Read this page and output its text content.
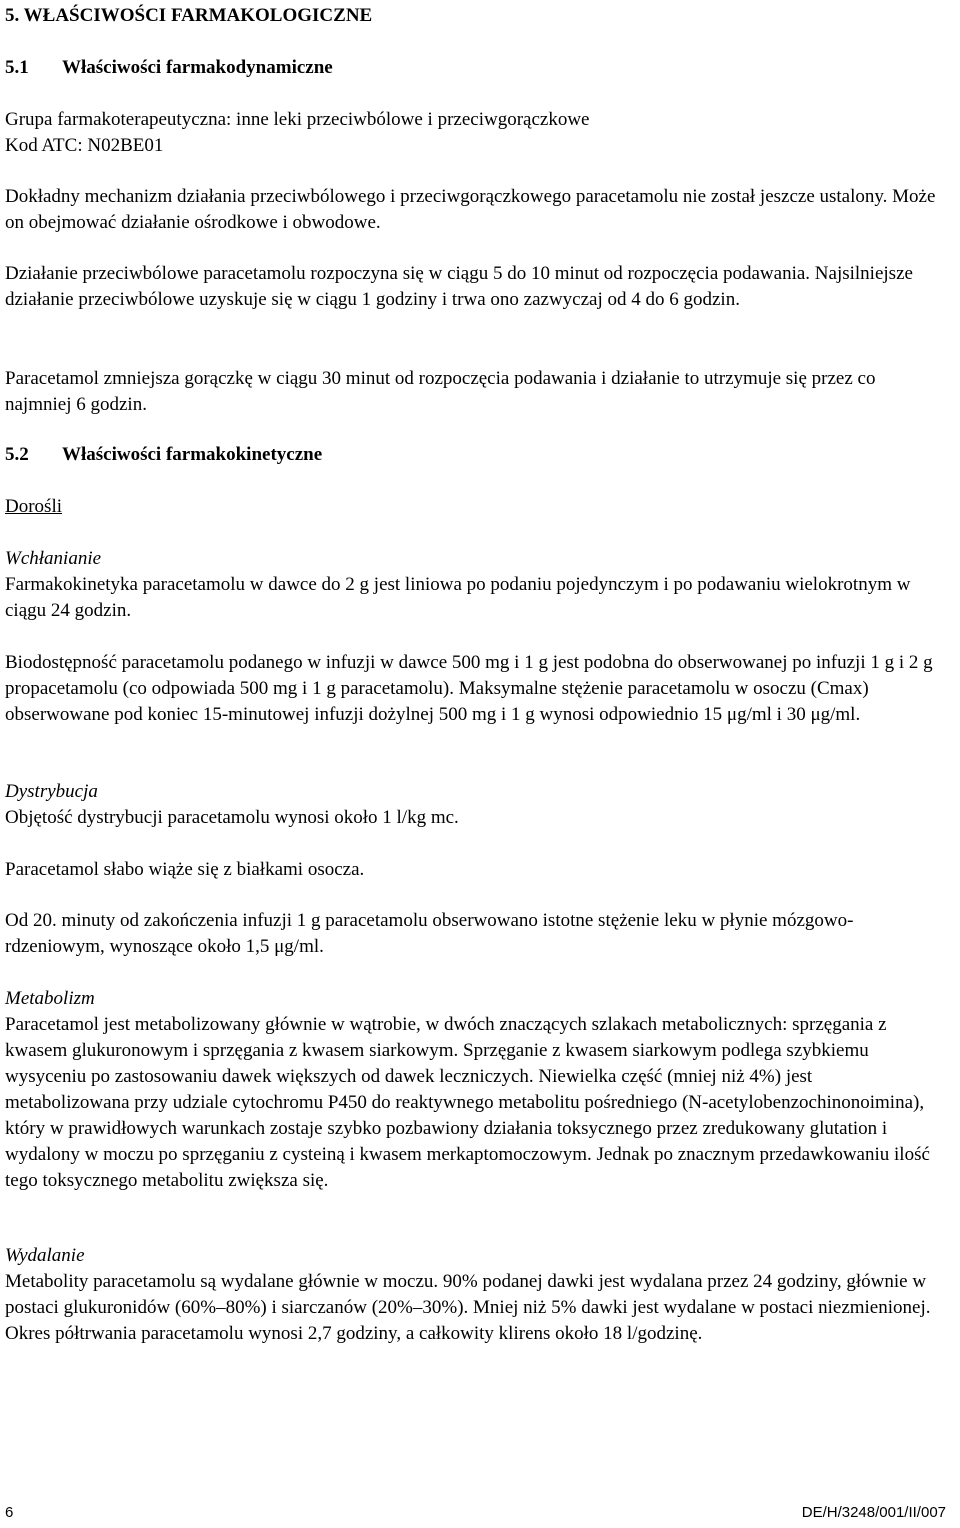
5. WŁAŚCIWOŚCI FARMAKOLOGICZNE
5.1 Właściwości farmakodynamiczne

Grupa farmakoterapeutyczna: inne leki przeciwbólowe i przeciwgorączkowe

Kod ATC: N02BE01

Dokładny mechanizm działania przeciwbólowego i przeciwgorączkowego paracetamolu nie został jeszcze ustalony. Może on obejmować działanie ośrodkowe i obwodowe.

Działanie przeciwbólowe paracetamolu rozpoczyna się w ciągu 5 do 10 minut od rozpoczęcia podawania. Najsilniejsze działanie przeciwbólowe uzyskuje się w ciągu 1 godziny i trwa ono zazwyczaj od 4 do 6 godzin.

Paracetamol zmniejsza gorączkę w ciągu 30 minut od rozpoczęcia podawania i działanie to utrzymuje się przez co najmniej 6 godzin.

5.2 Właściwości farmakokinetyczne

Dorośli

Wchłanianie

Farmakokinetyka paracetamolu w dawce do 2 g jest liniowa po podaniu pojedynczym i po podawaniu wielokrotnym w ciągu 24 godzin.

Biodostępność paracetamolu podanego w infuzji w dawce 500 mg i 1 g jest podobna do obserwowanej po infuzji 1 g i 2 g propacetamolu (co odpowiada 500 mg i 1 g paracetamolu). Maksymalne stężenie paracetamolu w osoczu (Cmax) obserwowane pod koniec 15-minutowej infuzji dożylnej 500 mg i 1 g wynosi odpowiednio 15 μg/ml i 30 μg/ml.

Dystrybucja

Objętość dystrybucji paracetamolu wynosi około 1 l/kg mc.

Paracetamol słabo wiąże się z białkami osocza.

Od 20. minuty od zakończenia infuzji 1 g paracetamolu obserwowano istotne stężenie leku w płynie mózgowo-rdzeniowym, wynoszące około 1,5 μg/ml.

Metabolizm

Paracetamol jest metabolizowany głównie w wątrobie, w dwóch znaczących szlakach metabolicznych: sprzęgania z kwasem glukuronowym i sprzęgania z kwasem siarkowym. Sprzęganie z kwasem siarkowym podlega szybkiemu wysyceniu po zastosowaniu dawek większych od dawek leczniczych. Niewielka część (mniej niż 4%) jest metabolizowana przy udziale cytochromu P450 do reaktywnego metabolitu pośredniego (N-acetylobenzochinonoimina), który w prawidłowych warunkach zostaje szybko pozbawiony działania toksycznego przez zredukowany glutation i wydalony w moczu po sprzęganiu z cysteiną i kwasem merkaptomoczowym. Jednak po znacznym przedawkowaniu ilość tego toksycznego metabolitu zwiększa się.

Wydalanie

Metabolity paracetamolu są wydalane głównie w moczu. 90% podanej dawki jest wydalana przez 24 godziny, głównie w postaci glukuronidów (60%–80%) i siarczanów (20%–30%). Mniej niż 5% dawki jest wydalane w postaci niezmienionej. Okres półtrwania paracetamolu wynosi 2,7 godziny, a całkowity klirens około 18 l/godzinę.

6	DE/H/3248/001/II/007
